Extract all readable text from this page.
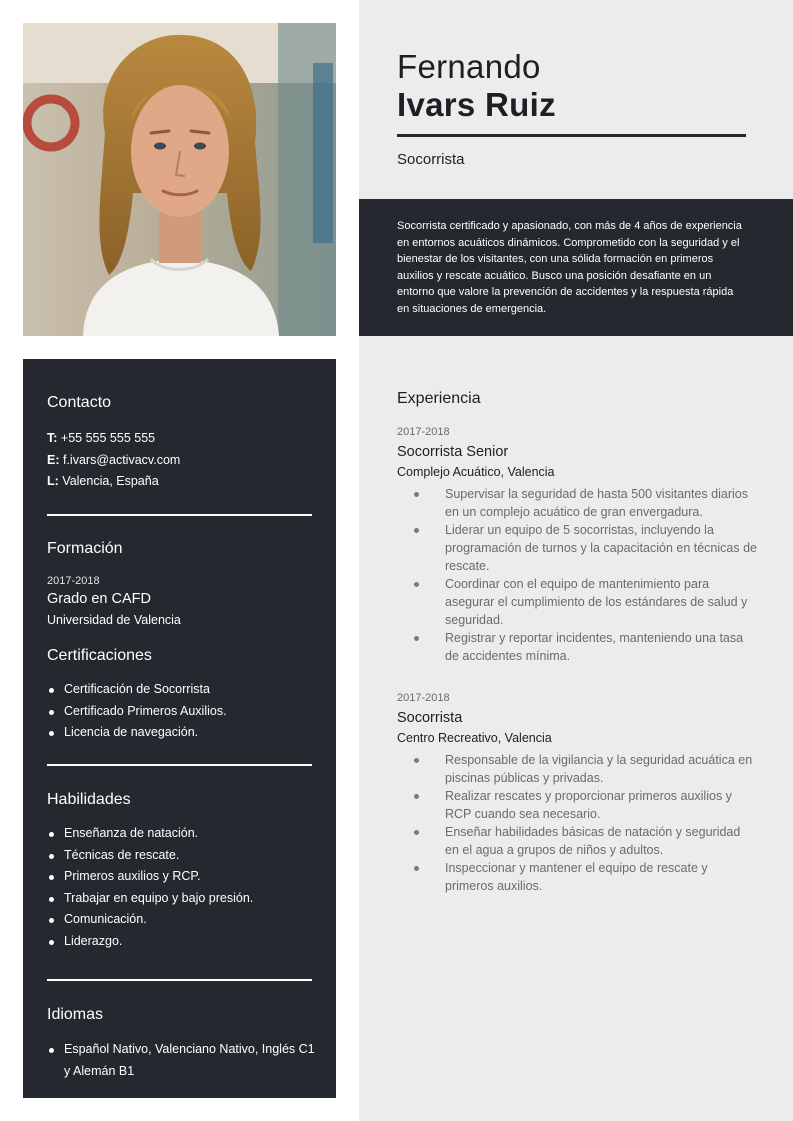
Fernando
Ivars Ruiz
Socorrista

Socorrista certificado y apasionado, con más de 4 años de experiencia en entornos acuáticos dinámicos. Comprometido con la seguridad y el bienestar de los visitantes, con una sólida formación en primeros auxilios y rescate acuático. Busco una posición desafiante en un entorno que valore la prevención de accidentes y la respuesta rápida en situaciones de emergencia.

Contacto
T: +55 555 555 555
E: f.ivars@activacv.com
L: Valencia, España
Formación
2017-2018
Grado en CAFD
Universidad de Valencia
Certificaciones
Certificación de Socorrista
Certificado Primeros Auxilios.
Licencia de navegación.
Habilidades
Enseñanza de natación.
Técnicas de rescate.
Primeros auxilios y RCP.
Trabajar en equipo y bajo presión.
Comunicación.
Liderazgo.
Idiomas
Español Nativo, Valenciano Nativo, Inglés C1 y Alemán B1
Experiencia
2017-2018
Socorrista Senior
Complejo Acuático, Valencia
Supervisar la seguridad de hasta 500 visitantes diarios en un complejo acuático de gran envergadura.
Liderar un equipo de 5 socorristas, incluyendo la programación de turnos y la capacitación en técnicas de rescate.
Coordinar con el equipo de mantenimiento para asegurar el cumplimiento de los estándares de salud y seguridad.
Registrar y reportar incidentes, manteniendo una tasa de accidentes mínima.
2017-2018
Socorrista
Centro Recreativo, Valencia
Responsable de la vigilancia y la seguridad acuática en piscinas públicas y privadas.
Realizar rescates y proporcionar primeros auxilios y RCP cuando sea necesario.
Enseñar habilidades básicas de natación y seguridad en el agua a grupos de niños y adultos.
Inspeccionar y mantener el equipo de rescate y primeros auxilios.
